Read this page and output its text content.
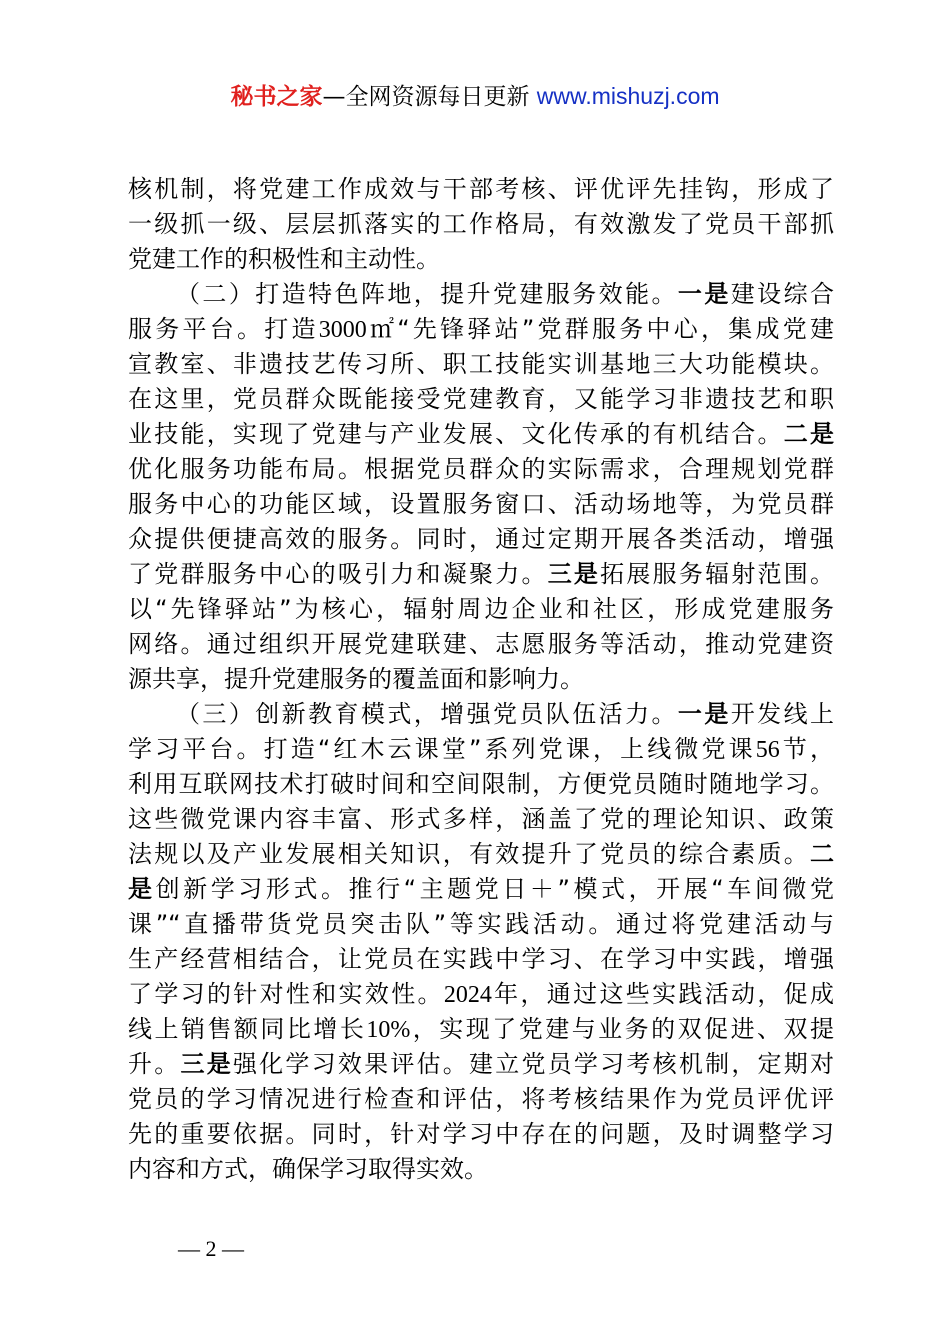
秘书之家—全网资源每日更新 www.mishuzj.com
核机制，将党建工作成效与干部考核、评优评先挂钩，形成了
一级抓一级、层层抓落实的工作格局，有效激发了党员干部抓
党建工作的积极性和主动性。
（二）打造特色阵地，提升党建服务效能。一是建设综合
服务平台。打造3000㎡“先锋驿站”党群服务中心，集成党建
宣教室、非遗技艺传习所、职工技能实训基地三大功能模块。
在这里，党员群众既能接受党建教育，又能学习非遗技艺和职
业技能，实现了党建与产业发展、文化传承的有机结合。二是
优化服务功能布局。根据党员群众的实际需求，合理规划党群
服务中心的功能区域，设置服务窗口、活动场地等，为党员群
众提供便捷高效的服务。同时，通过定期开展各类活动，增强
了党群服务中心的吸引力和凝聚力。三是拓展服务辐射范围。
以“先锋驿站”为核心，辐射周边企业和社区，形成党建服务
网络。通过组织开展党建联建、志愿服务等活动，推动党建资
源共享，提升党建服务的覆盖面和影响力。
（三）创新教育模式，增强党员队伍活力。一是开发线上
学习平台。打造“红木云课堂”系列党课，上线微党课56节，
利用互联网技术打破时间和空间限制，方便党员随时随地学习。
这些微党课内容丰富、形式多样，涵盖了党的理论知识、政策
法规以及产业发展相关知识，有效提升了党员的综合素质。二
是创新学习形式。推行“主题党日＋”模式，开展“车间微党
课”“直播带货党员突击队”等实践活动。通过将党建活动与
生产经营相结合，让党员在实践中学习、在学习中实践，增强
了学习的针对性和实效性。2024年，通过这些实践活动，促成
线上销售额同比增长10%，实现了党建与业务的双促进、双提
升。三是强化学习效果评估。建立党员学习考核机制，定期对
党员的学习情况进行检查和评估，将考核结果作为党员评优评
先的重要依据。同时，针对学习中存在的问题，及时调整学习
内容和方式，确保学习取得实效。
— 2 —
